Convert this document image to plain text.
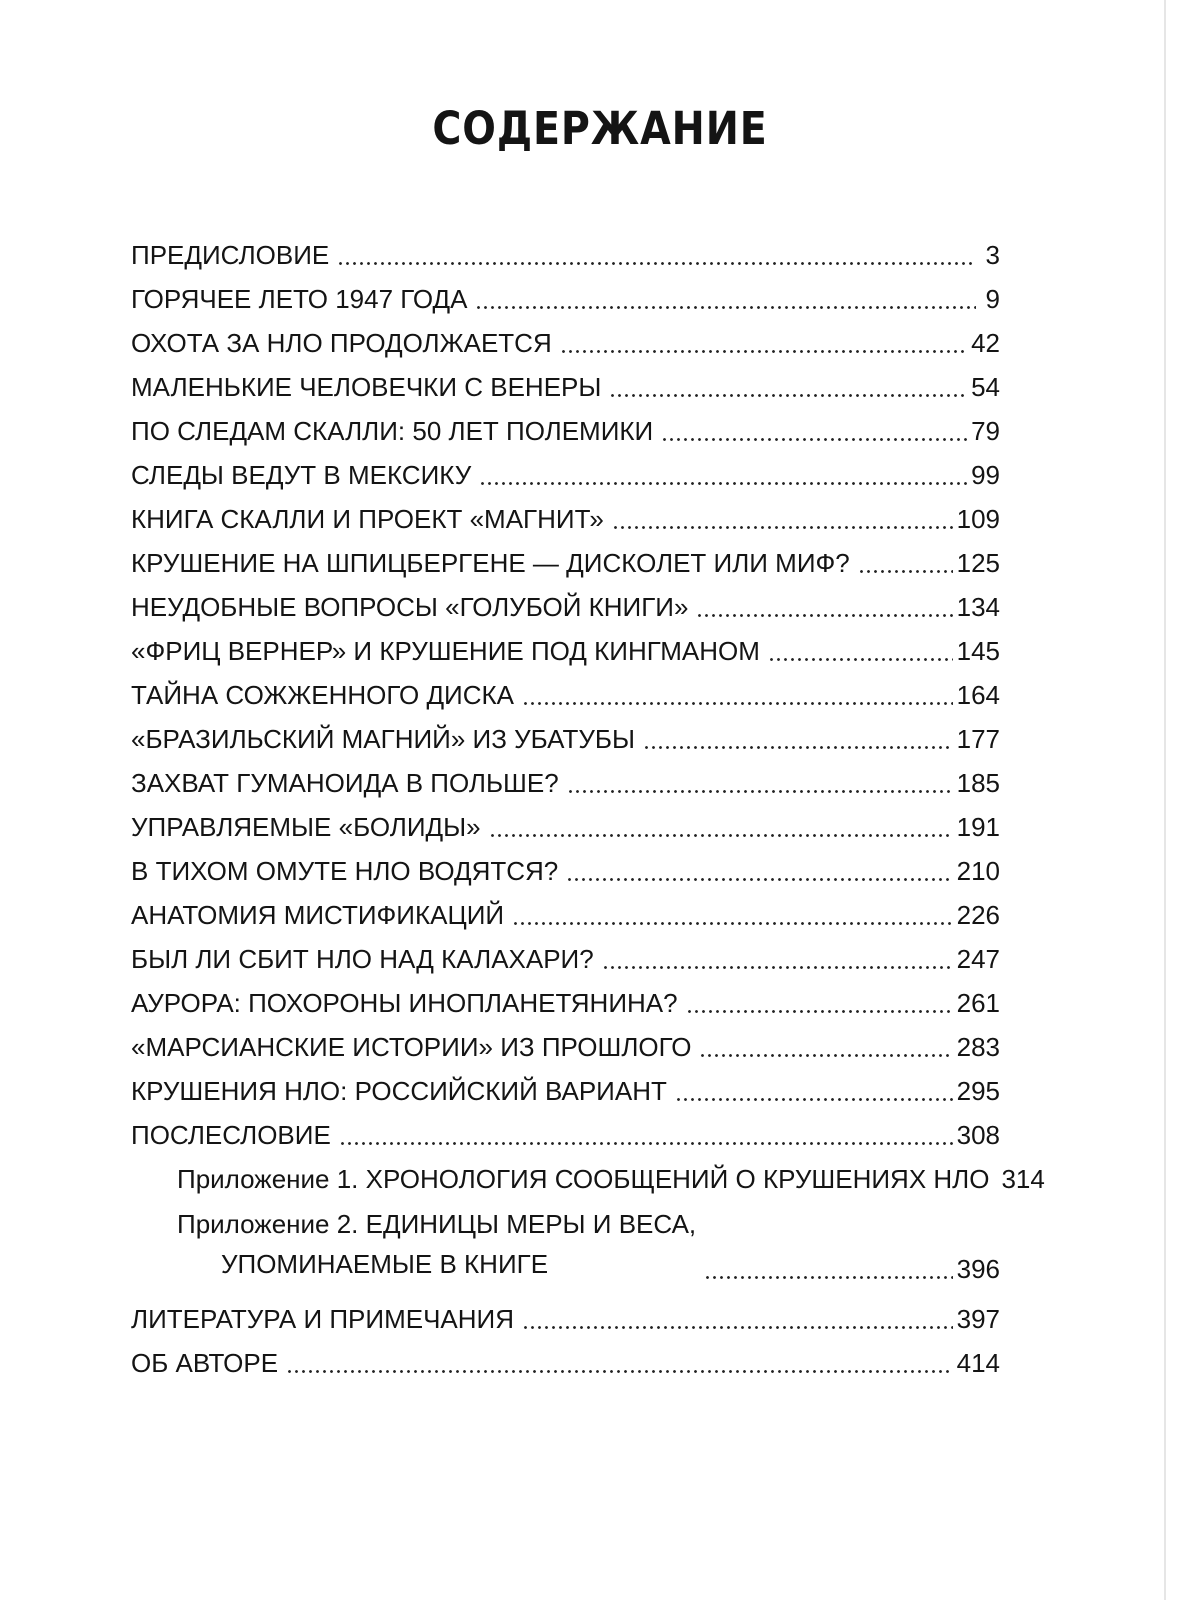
СОДЕРЖАНИЕ
ПРЕДИСЛОВИЕ	3
ГОРЯЧЕЕ ЛЕТО 1947 ГОДА	9
ОХОТА ЗА НЛО ПРОДОЛЖАЕТСЯ	42
МАЛЕНЬКИЕ ЧЕЛОВЕЧКИ С ВЕНЕРЫ	54
ПО СЛЕДАМ СКАЛЛИ: 50 ЛЕТ ПОЛЕМИКИ	79
СЛЕДЫ ВЕДУТ В МЕКСИКУ	99
КНИГА СКАЛЛИ И ПРОЕКТ «МАГНИТ»	109
КРУШЕНИЕ НА ШПИЦБЕРГЕНЕ — ДИСКОЛЕТ ИЛИ МИФ?	125
НЕУДОБНЫЕ ВОПРОСЫ «ГОЛУБОЙ КНИГИ»	134
«ФРИЦ ВЕРНЕР» И КРУШЕНИЕ ПОД КИНГМАНОМ	145
ТАЙНА СОЖЖЕННОГО ДИСКА	164
«БРАЗИЛЬСКИЙ МАГНИЙ» ИЗ УБАТУБЫ	177
ЗАХВАТ ГУМАНОИДА В ПОЛЬШЕ?	185
УПРАВЛЯЕМЫЕ «БОЛИДЫ»	191
В ТИХОМ ОМУТЕ НЛО ВОДЯТСЯ?	210
АНАТОМИЯ МИСТИФИКАЦИЙ	226
БЫЛ ЛИ СБИТ НЛО НАД КАЛАХАРИ?	247
АУРОРА: ПОХОРОНЫ ИНОПЛАНЕТЯНИНА?	261
«МАРСИАНСКИЕ ИСТОРИИ» ИЗ ПРОШЛОГО	283
КРУШЕНИЯ НЛО: РОССИЙСКИЙ ВАРИАНТ	295
ПОСЛЕСЛОВИЕ	308
Приложение 1. ХРОНОЛОГИЯ СООБЩЕНИЙ О КРУШЕНИЯХ НЛО 314
Приложение 2. ЕДИНИЦЫ МЕРЫ И ВЕСА,
УПОМИНАЕМЫЕ В КНИГЕ	396
ЛИТЕРАТУРА И ПРИМЕЧАНИЯ	397
ОБ АВТОРЕ	414
